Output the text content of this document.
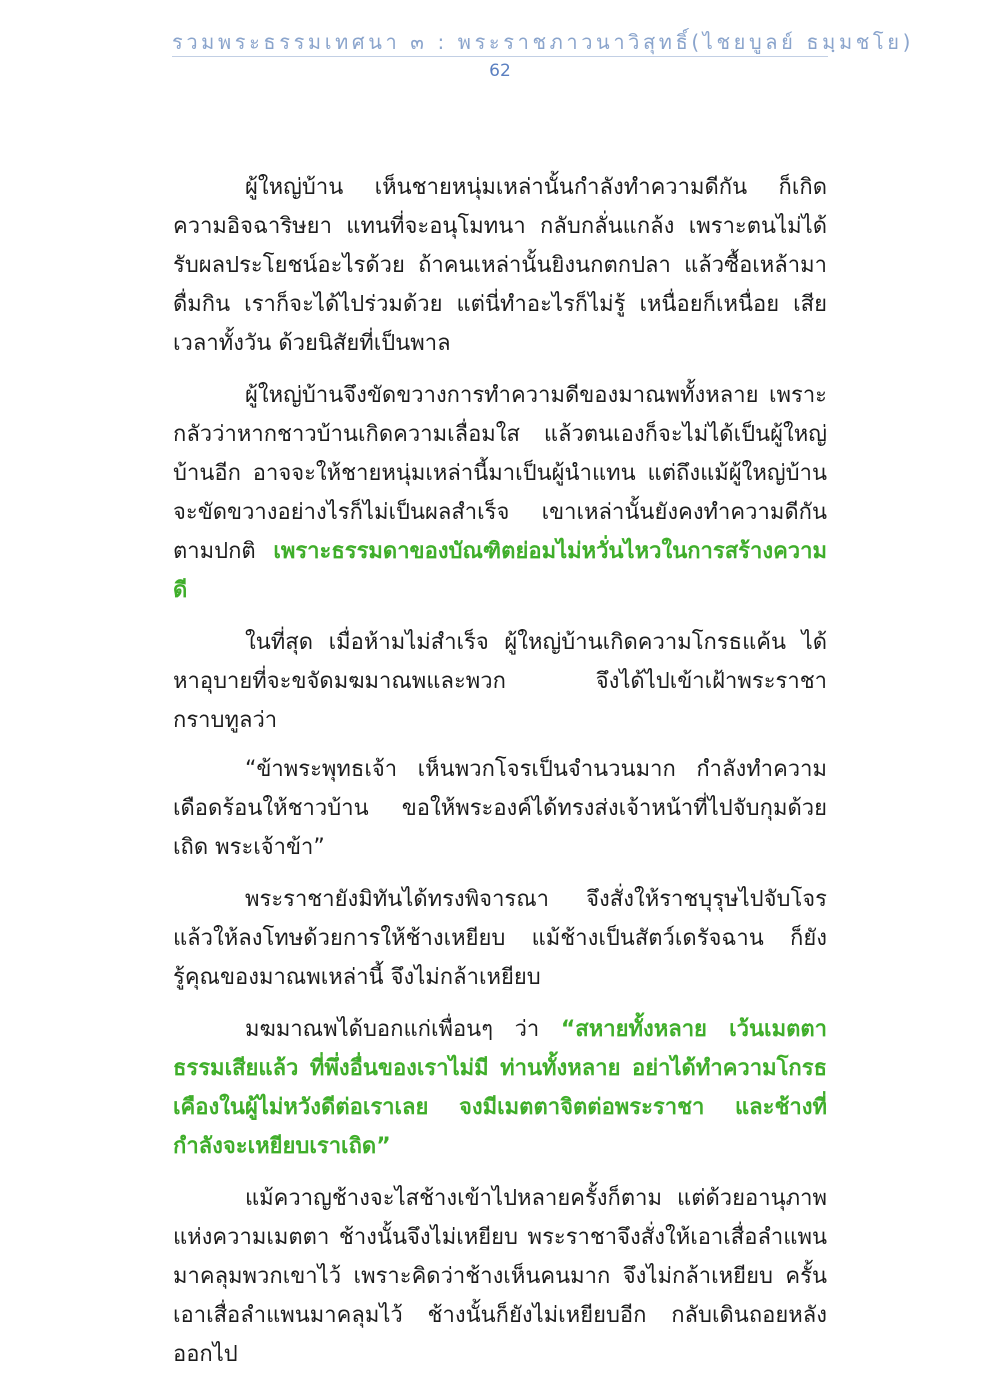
รวมพระธรรมเทศนา ๓ : พระราชภาวนาวิสุทธิ์(ไชยบูลย์ ธมฺมชโย)
62

ผู้ใหญ่บ้าน เห็นชายหนุ่มเหล่านั้นกำลังทำความดีกัน ก็เกิดความอิจฉาริษยา แทนที่จะอนุโมทนา กลับกลั่นแกล้ง เพราะตนไม่ได้รับผลประโยชน์อะไรด้วย ถ้าคนเหล่านั้นยิงนกตกปลา แล้วซื้อเหล้ามาดื่มกิน เราก็จะได้ไปร่วมด้วย แต่นี่ทำอะไรก็ไม่รู้ เหนื่อยก็เหนื่อย เสียเวลาทั้งวัน ด้วยนิสัยที่เป็นพาล

ผู้ใหญ่บ้านจึงขัดขวางการทำความดีของมาณพทั้งหลาย เพราะกลัวว่าหากชาวบ้านเกิดความเลื่อมใส แล้วตนเองก็จะไม่ได้เป็นผู้ใหญ่บ้านอีก อาจจะให้ชายหนุ่มเหล่านี้มาเป็นผู้นำแทน แต่ถึงแม้ผู้ใหญ่บ้านจะขัดขวางอย่างไรก็ไม่เป็นผลสำเร็จ เขาเหล่านั้นยังคงทำความดีกันตามปกติ เพราะธรรมดาของบัณฑิตย่อมไม่หวั่นไหวในการสร้างความดี

ในที่สุด เมื่อห้ามไม่สำเร็จ ผู้ใหญ่บ้านเกิดความโกรธแค้น ได้หาอุบายที่จะขจัดมฆมาณพและพวก จึงได้ไปเข้าเฝ้าพระราชา กราบทูลว่า

“ข้าพระพุทธเจ้า เห็นพวกโจรเป็นจำนวนมาก กำลังทำความเดือดร้อนให้ชาวบ้าน ขอให้พระองค์ได้ทรงส่งเจ้าหน้าที่ไปจับกุมด้วยเถิด พระเจ้าข้า”

พระราชายังมิทันได้ทรงพิจารณา จึงสั่งให้ราชบุรุษไปจับโจร แล้วให้ลงโทษด้วยการให้ช้างเหยียบ แม้ช้างเป็นสัตว์เดรัจฉาน ก็ยังรู้คุณของมาณพเหล่านี้ จึงไม่กล้าเหยียบ

มฆมาณพได้บอกแก่เพื่อนๆ ว่า “สหายทั้งหลาย เว้นเมตตาธรรมเสียแล้ว ที่พึ่งอื่นของเราไม่มี ท่านทั้งหลาย อย่าได้ทำความโกรธเคืองในผู้ไม่หวังดีต่อเราเลย จงมีเมตตาจิตต่อพระราชา และช้างที่กำลังจะเหยียบเราเถิด”

แม้ควาญช้างจะไสช้างเข้าไปหลายครั้งก็ตาม แต่ด้วยอานุภาพแห่งความเมตตา ช้างนั้นจึงไม่เหยียบ พระราชาจึงสั่งให้เอาเสื่อลำแพนมาคลุมพวกเขาไว้ เพราะคิดว่าช้างเห็นคนมาก จึงไม่กล้าเหยียบ ครั้นเอาเสื่อลำแพนมาคลุมไว้ ช้างนั้นก็ยังไม่เหยียบอีก กลับเดินถอยหลังออกไป
